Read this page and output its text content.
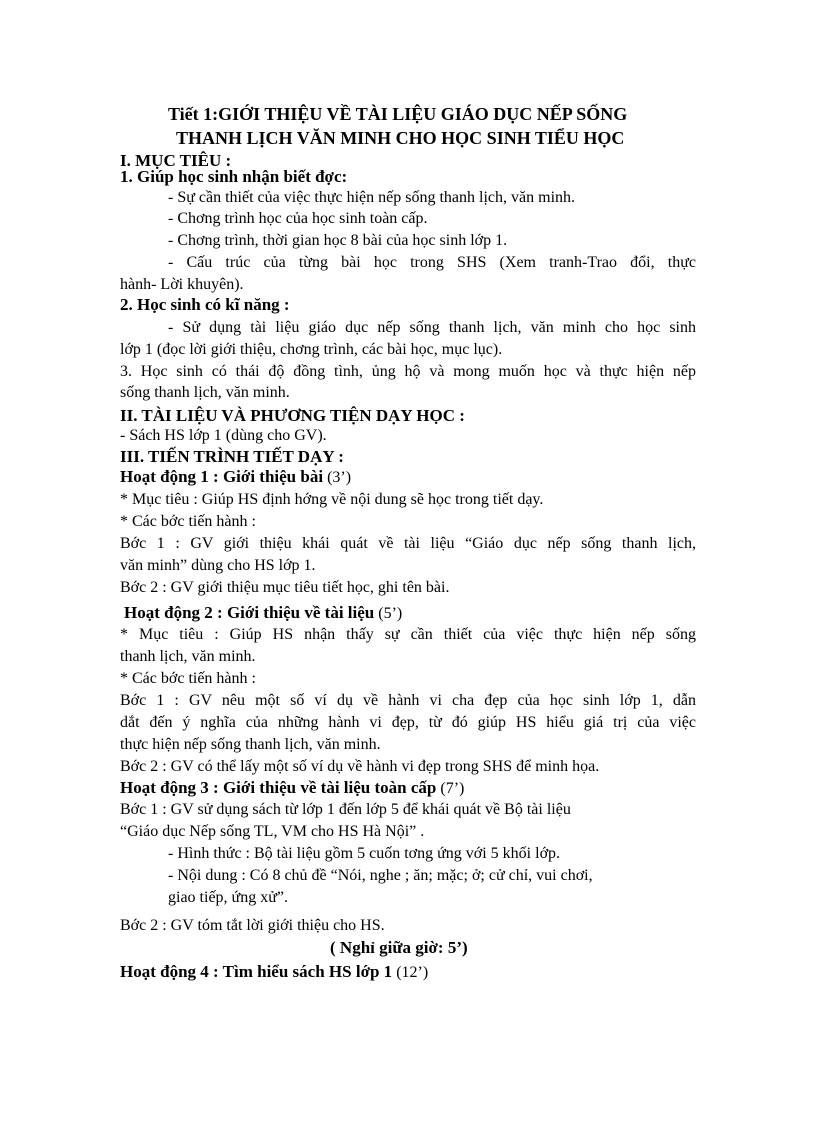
Tiết 1:GIỚI THIỆU VỀ TÀI LIỆU GIÁO DỤC NẾP SỐNG
THANH LỊCH VĂN MINH CHO HỌC SINH TIỂU HỌC
I. MỤC TIÊU :
1. Giúp học sinh nhận biết đợc:
- Sự cần thiết của việc thực hiện nếp sống thanh lịch, văn minh.
- Chơng trình học của học sinh toàn cấp.
- Chơng trình, thời gian học 8 bài của học sinh lớp 1.
- Cấu trúc của từng bài học trong SHS (Xem tranh-Trao đổi, thực
hành- Lời khuyên).
2. Học sinh có kĩ năng :
- Sử dụng tài liệu giáo dục nếp sống thanh lịch, văn minh cho học sinh
lớp 1 (đọc lời giới thiệu, chơng trình, các bài học, mục lục).
3. Học sinh có thái độ đồng tình, ủng hộ và mong muốn học và thực hiện nếp
sống thanh lịch, văn minh.
II. TÀI LIỆU VÀ PHƯƠNG TIỆN DẠY HỌC :
- Sách HS lớp 1 (dùng cho GV).
III. TIẾN TRÌNH TIẾT DẠY :
Hoạt động 1 : Giới thiệu bài (3’)
* Mục tiêu : Giúp HS định hớng về nội dung sẽ học trong tiết dạy.
* Các bớc tiến hành :
Bớc 1 : GV giới thiệu khái quát về tài liệu “Giáo dục nếp sống thanh lịch,
văn minh” dùng cho HS lớp 1.
Bớc 2 : GV giới thiệu mục tiêu tiết học, ghi tên bài.
Hoạt động 2 : Giới thiệu về tài liệu (5’)
* Mục tiêu : Giúp HS nhận thấy sự cần thiết của việc thực hiện nếp sống
thanh lịch, văn minh.
* Các bớc tiến hành :
Bớc 1 : GV nêu một số ví dụ về hành vi cha đẹp của học sinh lớp 1, dẫn
dắt đến ý nghĩa của những hành vi đẹp, từ đó giúp HS hiểu giá trị của việc
thực hiện nếp sống thanh lịch, văn minh.
Bớc 2 : GV có thể lấy một số ví dụ về hành vi đẹp trong SHS để minh họa.
Hoạt động 3 : Giới thiệu về tài liệu toàn cấp (7’)
Bớc 1 : GV sử dụng sách từ lớp 1 đến lớp 5 để khái quát về Bộ tài liệu
“Giáo dục Nếp sống TL, VM cho HS Hà Nội” .
- Hình thức : Bộ tài liệu gồm 5 cuốn tơng ứng với 5 khối lớp.
- Nội dung : Có 8 chủ đề “Nói, nghe ; ăn; mặc; ở; cử chỉ, vui chơi,
giao tiếp, ứng xử”.
Bớc 2 : GV tóm tắt lời giới thiệu cho HS.
( Nghỉ giữa giờ: 5’)
Hoạt động 4 : Tìm hiểu sách HS lớp 1 (12’)
